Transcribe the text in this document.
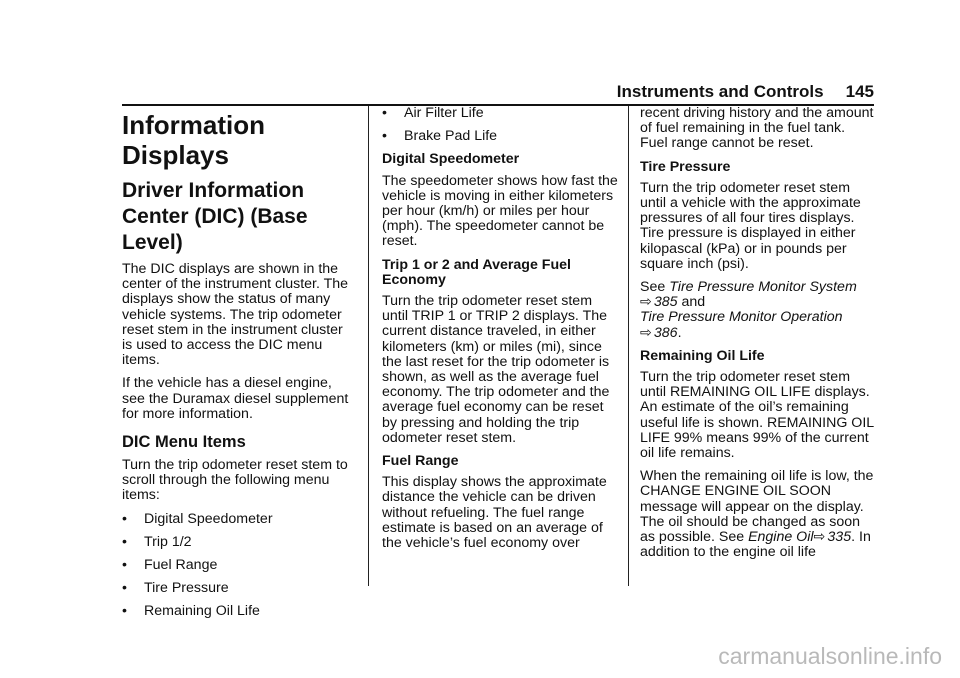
Instruments and Controls 145
Information Displays
Driver Information Center (DIC) (Base Level)

The DIC displays are shown in the center of the instrument cluster. The displays show the status of many vehicle systems. The trip odometer reset stem in the instrument cluster is used to access the DIC menu items.

If the vehicle has a diesel engine, see the Duramax diesel supplement for more information.

DIC Menu Items

Turn the trip odometer reset stem to scroll through the following menu items:

•	Digital Speedometer
•	Trip 1/2
•	Fuel Range
•	Tire Pressure
•	Remaining Oil Life
•	Air Filter Life
•	Brake Pad Life
Digital Speedometer

The speedometer shows how fast the vehicle is moving in either kilometers per hour (km/h) or miles per hour (mph). The speedometer cannot be reset.

Trip 1 or 2 and Average Fuel Economy

Turn the trip odometer reset stem until TRIP 1 or TRIP 2 displays. The current distance traveled, in either kilometers (km) or miles (mi), since the last reset for the trip odometer is shown, as well as the average fuel economy. The trip odometer and the average fuel economy can be reset by pressing and holding the trip odometer reset stem.

Fuel Range

This display shows the approximate distance the vehicle can be driven without refueling. The fuel range estimate is based on an average of the vehicle’s fuel economy over

recent driving history and the amount of fuel remaining in the fuel tank. Fuel range cannot be reset.

Tire Pressure

Turn the trip odometer reset stem until a vehicle with the approximate pressures of all four tires displays. Tire pressure is displayed in either kilopascal (kPa) or in pounds per square inch (psi).

See Tire Pressure Monitor System
⇨ 385 and
Tire Pressure Monitor Operation
⇨ 386.

Remaining Oil Life

Turn the trip odometer reset stem until REMAINING OIL LIFE displays. An estimate of the oil’s remaining useful life is shown. REMAINING OIL LIFE 99% means 99% of the current oil life remains.

When the remaining oil life is low, the CHANGE ENGINE OIL SOON message will appear on the display. The oil should be changed as soon as possible. See Engine Oil⇨ 335. In addition to the engine oil life

carmanualsonline.info
